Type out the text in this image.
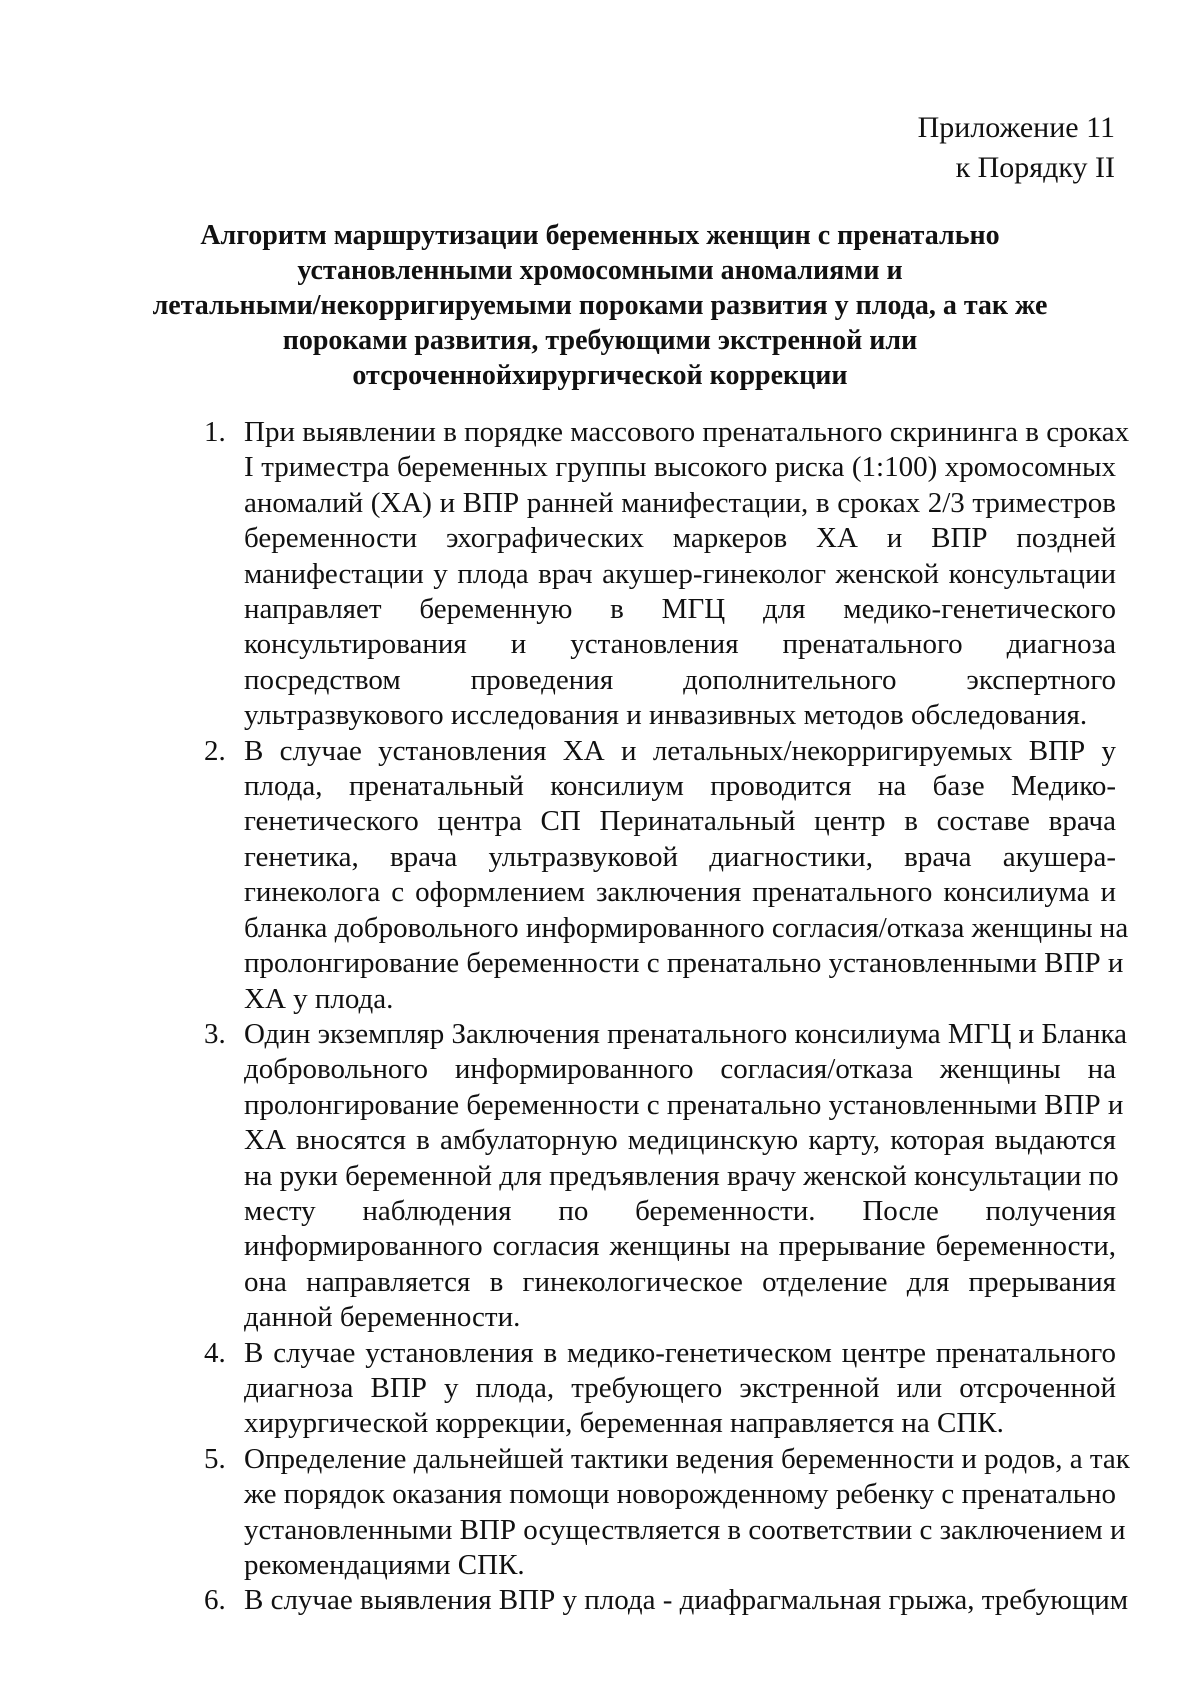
Приложение 11
к Порядку II
Алгоритм маршрутизации беременных женщин с пренатально
установленными хромосомными аномалиями и
летальными/некорригируемыми пороками развития у плода, а так же
пороками развития, требующими экстренной или
отсроченнойхирургической коррекции
1. При выявлении в порядке массового пренатального скрининга в сроках
I триместра беременных группы высокого риска (1:100) хромосомных
аномалий (ХА) и ВПР ранней манифестации, в сроках 2/3 триместров
беременности эхографических маркеров ХА и ВПР поздней
манифестации у плода врач акушер-гинеколог женской консультации
направляет беременную в МГЦ для медико-генетического
консультирования и установления пренатального диагноза
посредством проведения дополнительного экспертного
ультразвукового исследования и инвазивных методов обследования.
2. В случае установления ХА и летальных/некорригируемых ВПР у
плода, пренатальный консилиум проводится на базе Медико-
генетического центра СП Перинатальный центр в составе врача
генетика, врача ультразвуковой диагностики, врача акушера-
гинеколога с оформлением заключения пренатального консилиума и
бланка добровольного информированного согласия/отказа женщины на
пролонгирование беременности с пренатально установленными ВПР и
ХА у плода.
3. Один экземпляр Заключения пренатального консилиума МГЦ и Бланка
добровольного информированного согласия/отказа женщины на
пролонгирование беременности с пренатально установленными ВПР и
ХА вносятся в амбулаторную медицинскую карту, которая выдаются
на руки беременной для предъявления врачу женской консультации по
месту наблюдения по беременности. После получения
информированного согласия женщины на прерывание беременности,
она направляется в гинекологическое отделение для прерывания
данной беременности.
4. В случае установления в медико-генетическом центре пренатального
диагноза ВПР у плода, требующего экстренной или отсроченной
хирургической коррекции, беременная направляется на СПК.
5. Определение дальнейшей тактики ведения беременности и родов, а так
же порядок оказания помощи новорожденному ребенку с пренатально
установленными ВПР осуществляется в соответствии с заключением и
рекомендациями СПК.
6. В случае выявления ВПР у плода - диафрагмальная грыжа, требующим
